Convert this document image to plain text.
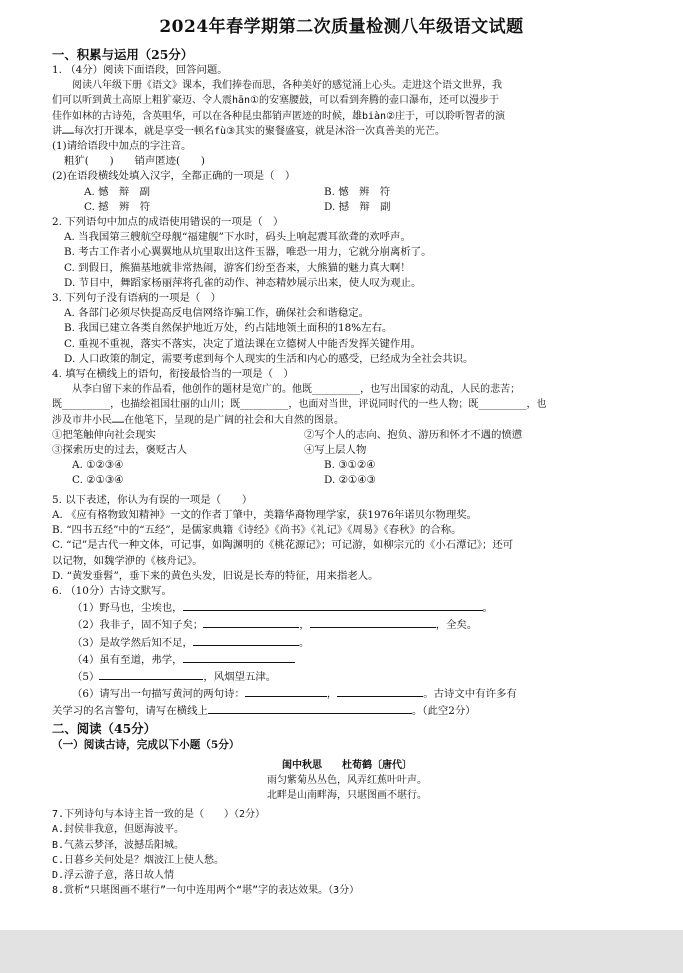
2024年春学期第二次质量检测八年级语文试题
一、积累与运用（25分）
1. （4分）阅读下面语段，回答问题。
阅读八年级下册《语文》课本，我们捧卷而思，各种美好的感觉涌上心头。走进这个语文世界，我
们可以听到黄土高原上粗犷豪迈、令人震hān①的安塞腰鼓，可以看到奔腾的壶口瀑布，还可以漫步于
佳作如林的古诗苑，含英咀华，可以在各种昆虫都销声匿迹的时候，雄biàn②庄于，可以聆听智者的演
讲……每次打开课本，就是享受一顿名fù③其实的聚餐盛宴，就是沐浴一次真善美的光芒。
(1)请给语段中加点的字注音。
粗犷(　　)　　销声匿迹(　　)
(2)在语段横线处填入汉字，全都正确的一项是（　）
A. 憾　辩　副	B. 憾　辨　符
C. 撼　辨　符	D. 撼　辩　副
2. 下列语句中加点的成语使用错误的一项是（　）
A. 当我国第三艘航空母舰“福建舰”下水时，码头上响起震耳欲聋的欢呼声。
B. 考古工作者小心翼翼地从坑里取出这件玉器，唯恐一用力，它就分崩离析了。
C. 到假日，熊猫基地就非常热闹，游客们纷至沓来，大熊猫的魅力真大啊！
D. 节目中，舞蹈家杨丽萍将孔雀的动作、神态精妙展示出来，使人叹为观止。
3. 下列句子没有语病的一项是（　）
A. 各部门必须尽快提高反电信网络诈骗工作，确保社会和谐稳定。
B. 我国已建立各类自然保护地近万处，约占陆地领土面积的18%左右。
C. 重视不重视，落实不落实，决定了道法课在立德树人中能否发挥关键作用。
D. 人口政策的制定，需要考虑到每个人现实的生活和内心的感受，已经成为全社会共识。
4. 填写在横线上的语句，衔接最恰当的一项是（　）
从李白留下来的作品看，他创作的题材是宽广的。他既________，也写出国家的动乱，人民的悲苦；
既________，也描绘祖国壮丽的山川；既________，也面对当世，评说同时代的一些人物；既________，也
涉及市井小民……在他笔下，呈现的是广阔的社会和大自然的图景。
①把笔触伸向社会现实	②写个人的志向、抱负、游历和怀才不遇的愤懑
③探索历史的过去，褒贬古人	④写上层人物
A. ①②③④	B. ③①②④
C. ②①③④	D. ②①④③
5. 以下表述，你认为有误的一项是（　　）
A. 《应有格物致知精神》一文的作者丁肇中，美籍华裔物理学家，获1976年诺贝尔物理奖。
B. “四书五经”中的“五经”，是儒家典籍《诗经》《尚书》《礼记》《周易》《春秋》的合称。
C. “记”是古代一种文体，可记事，如陶渊明的《桃花源记》；可记游，如柳宗元的《小石潭记》；还可
以记物，如魏学洢的《核舟记》。
D. “黄发垂髫”，垂下来的黄色头发，旧说是长寿的特征，用来指老人。
6. （10分）古诗文默写。
（1）野马也，尘埃也，	。
（2）我非子，固不知子矣；	，	，全矣。
（3）是故学然后知不足，	。
（4）虽有至道，弗学，
（5）	，风烟望五津。
（6）请写出一句描写黄河的两句诗：	，	。古诗文中有许多有
关学习的名言警句，请写在横线上	。（此空2分）
二、阅读（45分）
（一）阅读古诗，完成以下小题（5分）
闺中秋思　　杜荀鹤〔唐代〕
雨匀紫菊丛丛色，风弄红蕉叶叶声。
北畔是山南畔海，只堪图画不堪行。
7.下列诗句与本诗主旨一致的是（　　）（2分）
A.封侯非我意，但愿海波平。
B.气蒸云梦泽，波撼岳阳城。
C.日暮乡关何处是？烟波江上使人愁。
D.浮云游子意，落日故人情
8.赏析“只堪图画不堪行”一句中连用两个“堪”字的表达效果。（3分）
